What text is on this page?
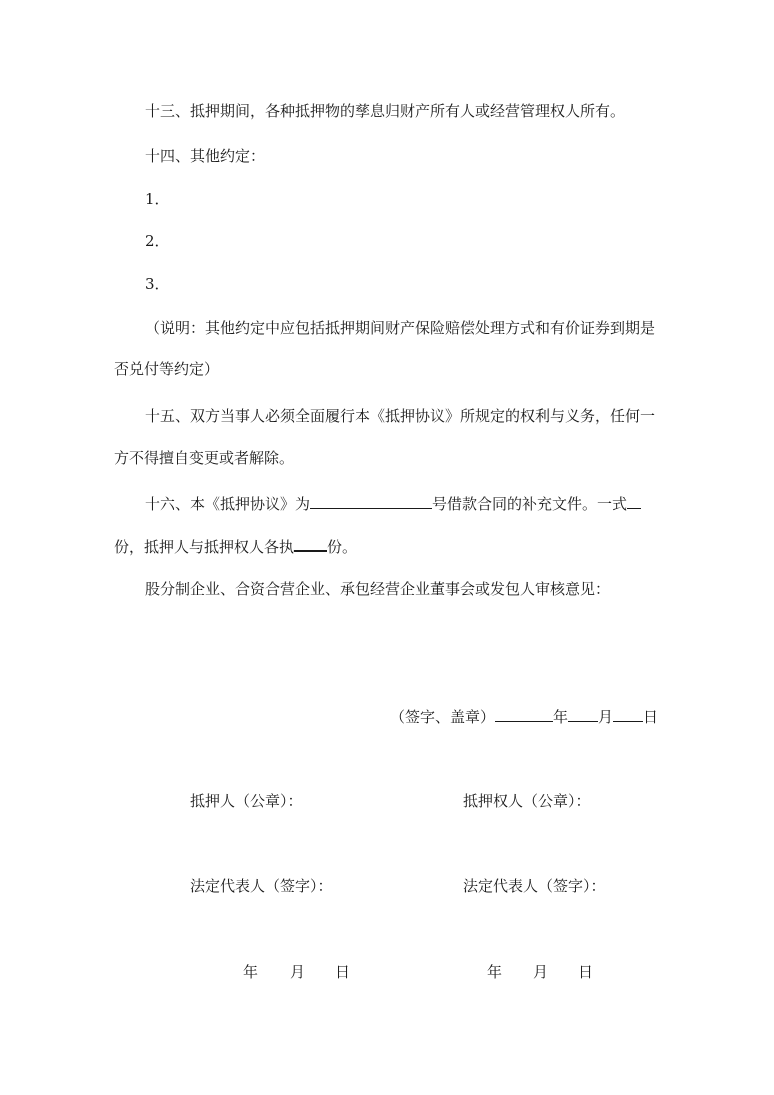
十三、抵押期间，各种抵押物的孳息归财产所有人或经营管理权人所有。
十四、其他约定：
1．
2．
3．
（说明：其他约定中应包括抵押期间财产保险赔偿处理方式和有价证券到期是
否兑付等约定）
十五、双方当事人必须全面履行本《抵押协议》所规定的权利与义务，任何一
方不得擅自变更或者解除。
十六、本《抵押协议》为	号借款合同的补充文件。一式
份，抵押人与抵押权人各执 份。
股分制企业、合资合营企业、承包经营企业董事会或发包人审核意见：
（签字、盖章）	年 月 日
抵押人（公章）：	抵押权人（公章）：
法定代表人（签字）：	法定代表人（签字）：
年 月 日	年 月 日
